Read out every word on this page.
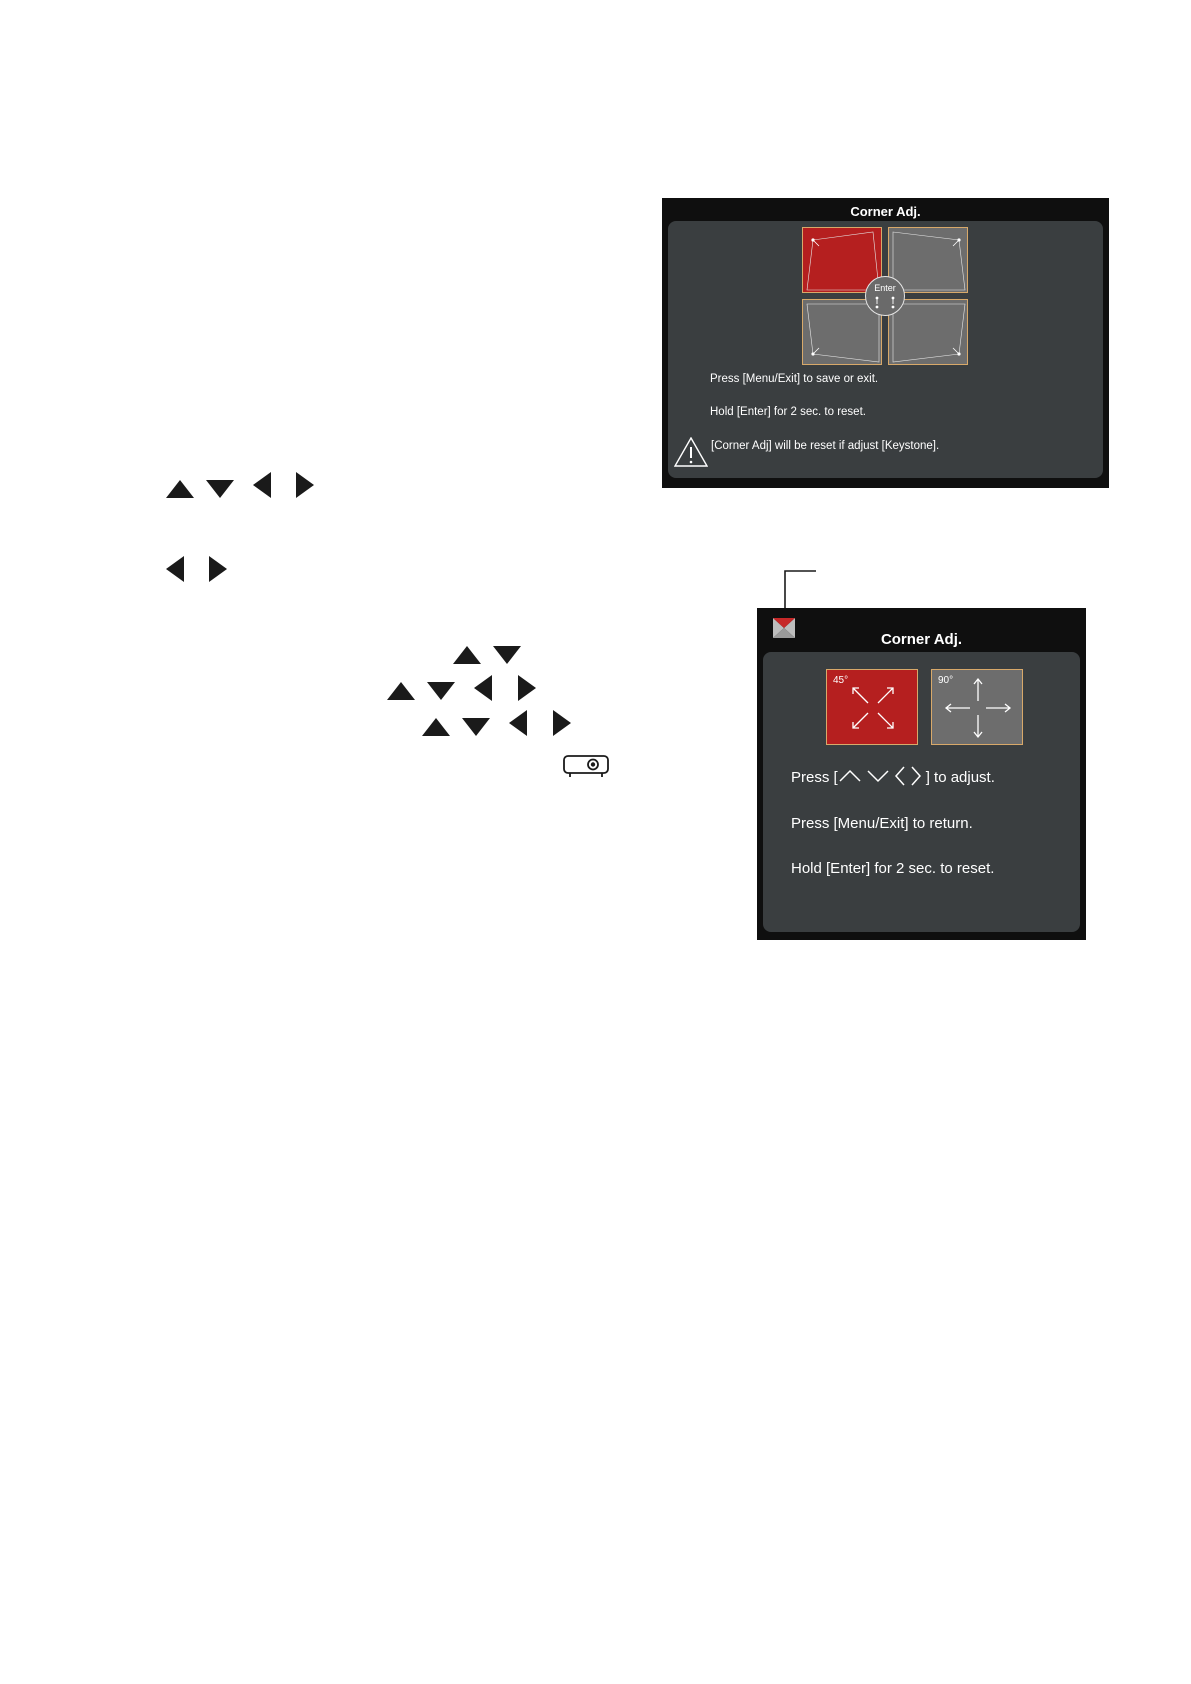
Corner Adj.
Enter
Press [Menu/Exit] to save or exit.
Hold [Enter] for 2 sec. to reset.
[Corner Adj] will be reset if adjust [Keystone].
Corner Adj.
45°	90°
Press [	] to adjust.
Press [Menu/Exit] to return.
Hold [Enter] for 2 sec. to reset.
